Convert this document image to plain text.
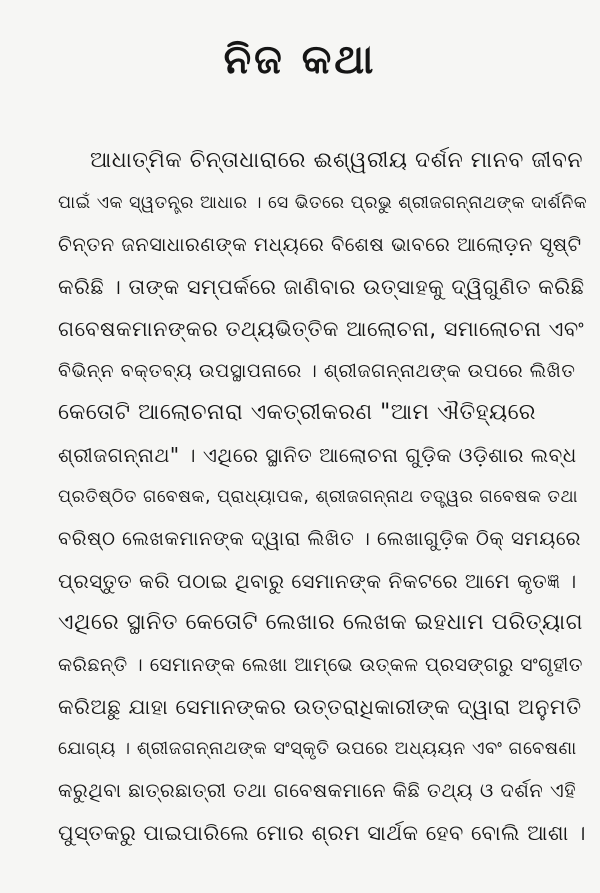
ନିଜ କଥା
ଆଧାତ୍ମିକ ଚିନ୍ତାଧାରାରେ ଈଶ୍ୱରୀୟ ଦର୍ଶନ ମାନବ ଜୀବନ
ପାଇଁ ଏକ ସ୍ୱତନ୍ତ୍ର ଆଧାର । ସେ ଭିତରେ ପ୍ରଭୁ ଶ୍ରୀଜଗନ୍ନାଥଙ୍କ ଦାର୍ଶନିକ
ଚିନ୍ତନ ଜନସାଧାରଣଙ୍କ ମଧ୍ୟରେ ବିଶେଷ ଭାବରେ ଆଲୋଡ଼ନ ସୃଷ୍ଟି
କରିଛି । ତାଙ୍କ ସମ୍ପର୍କରେ ଜାଣିବାର ଉତ୍ସାହକୁ ଦ୍ୱିଗୁଣିତ କରିଛି
ଗବେଷକମାନଙ୍କର ତଥ୍ୟଭିତ୍ତିକ ଆଲୋଚନା, ସମାଲୋଚନା ଏବଂ
ବିଭିନ୍ନ ବକ୍ତବ୍ୟ ଉପସ୍ଥାପନାରେ । ଶ୍ରୀଜଗନ୍ନାଥଙ୍କ ଉପରେ ଲିଖିତ
କେତୋଟି ଆଲୋଚନାରା ଏକତ୍ରୀକରଣ "ଆମ ଐତିହ୍ୟରେ
ଶ୍ରୀଜଗନ୍ନାଥ" । ଏଥିରେ ସ୍ଥାନିତ ଆଲୋଚନା ଗୁଡ଼ିକ ଓଡ଼ିଶାର ଲବ୍ଧ
ପ୍ରତିଷ୍ଠିତ ଗବେଷକ, ପ୍ରାଧ୍ୟାପକ, ଶ୍ରୀଜଗନ୍ନାଥ ତତ୍ତ୍ୱର ଗବେଷକ ତଥା
ବରିଷ୍ଠ ଲେଖକମାନଙ୍କ ଦ୍ୱାରା ଲିଖିତ । ଲେଖାଗୁଡ଼ିକ ଠିକ୍ ସମୟରେ
ପ୍ରସ୍ତୁତ କରି ପଠାଇ ଥିବାରୁ ସେମାନଙ୍କ ନିକଟରେ ଆମେ କୃତଜ୍ଞ ।
ଏଥିରେ ସ୍ଥାନିତ କେତୋଟି ଲେଖାର ଲେଖକ ଇହଧାମ ପରିତ୍ୟାଗ
କରିଛନ୍ତି । ସେମାନଙ୍କ ଲେଖା ଆମ୍ଭେ ଉତ୍କଳ ପ୍ରସଙ୍ଗରୁ ସଂଗୃହୀତ
କରିଅଛୁ ଯାହା ସେମାନଙ୍କର ଉତ୍ତରାଧିକାରୀଙ୍କ ଦ୍ୱାରା ଅନୁମତି
ଯୋଗ୍ୟ । ଶ୍ରୀଜଗନ୍ନାଥଙ୍କ ସଂସ୍କୃତି ଉପରେ ଅଧ୍ୟୟନ ଏବଂ ଗବେଷଣା
କରୁଥିବା ଛାତ୍ରଛାତ୍ରୀ ତଥା ଗବେଷକମାନେ କିଛି ତଥ୍ୟ ଓ ଦର୍ଶନ ଏହି
ପୁସ୍ତକରୁ ପାଇପାରିଲେ ମୋର ଶ୍ରମ ସାର୍ଥକ ହେବ ବୋଲି ଆଶା ।
